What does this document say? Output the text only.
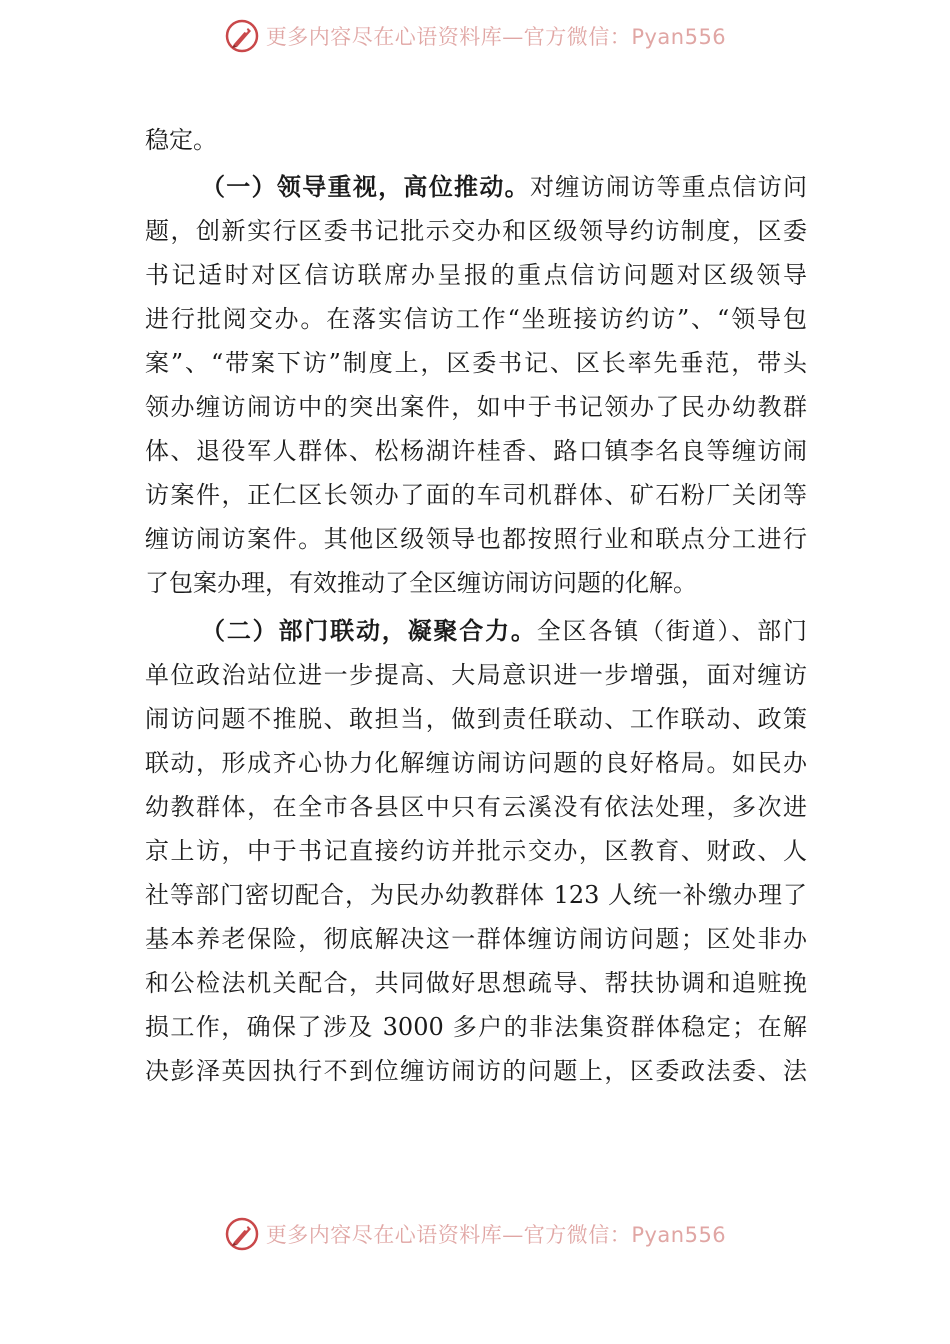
更多内容尽在心语资料库—官方微信：Pyan556
稳定。
（一）领导重视，高位推动。对缠访闹访等重点信访问
题，创新实行区委书记批示交办和区级领导约访制度，区委
书记适时对区信访联席办呈报的重点信访问题对区级领导
进行批阅交办。在落实信访工作“坐班接访约访”、“领导包
案”、“带案下访”制度上，区委书记、区长率先垂范，带头
领办缠访闹访中的突出案件，如中于书记领办了民办幼教群
体、退役军人群体、松杨湖许桂香、路口镇李名良等缠访闹
访案件，正仁区长领办了面的车司机群体、矿石粉厂关闭等
缠访闹访案件。其他区级领导也都按照行业和联点分工进行
了包案办理，有效推动了全区缠访闹访问题的化解。
（二）部门联动，凝聚合力。全区各镇（街道）、部门
单位政治站位进一步提高、大局意识进一步增强，面对缠访
闹访问题不推脱、敢担当，做到责任联动、工作联动、政策
联动，形成齐心协力化解缠访闹访问题的良好格局。如民办
幼教群体，在全市各县区中只有云溪没有依法处理，多次进
京上访，中于书记直接约访并批示交办，区教育、财政、人
社等部门密切配合，为民办幼教群体 123 人统一补缴办理了
基本养老保险，彻底解决这一群体缠访闹访问题；区处非办
和公检法机关配合，共同做好思想疏导、帮扶协调和追赃挽
损工作，确保了涉及 3000 多户的非法集资群体稳定；在解
决彭泽英因执行不到位缠访闹访的问题上，区委政法委、法
更多内容尽在心语资料库—官方微信：Pyan556
